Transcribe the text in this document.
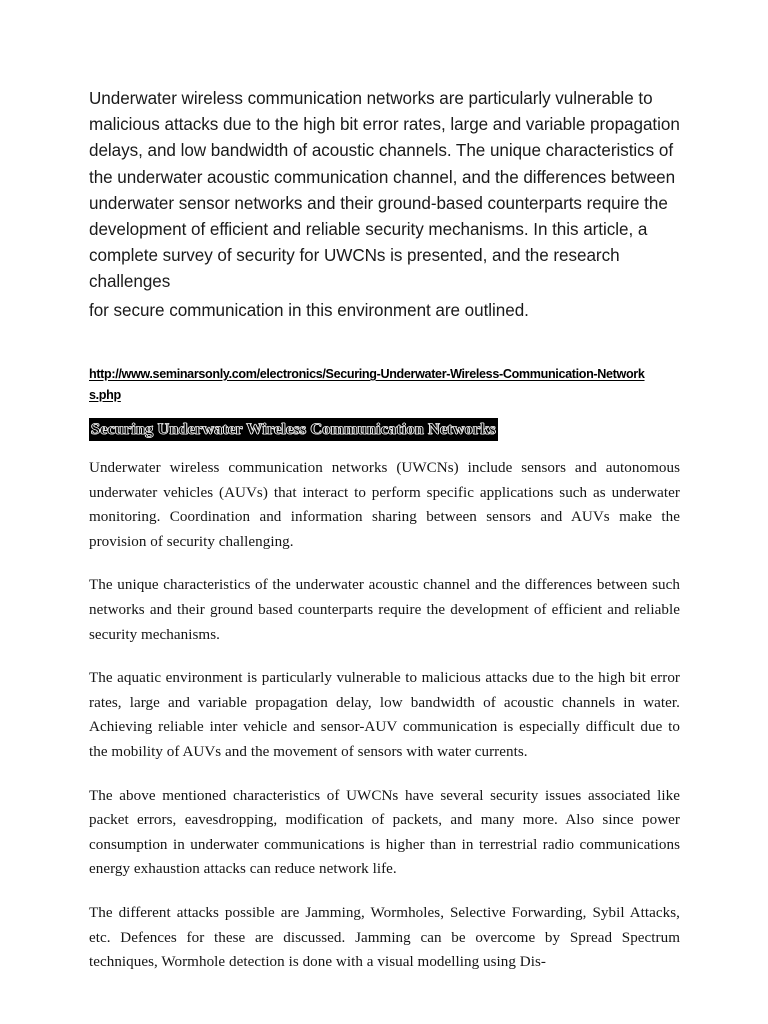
Underwater wireless communication networks are particularly vulnerable to malicious attacks due to the high bit error rates, large and variable propagation delays, and low bandwidth of acoustic channels. The unique characteristics of the underwater acoustic communication channel, and the differences between underwater sensor networks and their ground-based counterparts require the development of efficient and reliable security mechanisms. In this article, a complete survey of security for UWCNs is presented, and the research challenges

for secure communication in this environment are outlined.

http://www.seminarsonly.com/electronics/Securing-Underwater-Wireless-Communication-Networks.php
Securing Underwater Wireless Communication Networks

Underwater wireless communication networks (UWCNs) include sensors and autonomous underwater vehicles (AUVs) that interact to perform specific applications such as underwater monitoring. Coordination and information sharing between sensors and AUVs make the provision of security challenging.

The unique characteristics of the underwater acoustic channel and the differences between such networks and their ground based counterparts require the development of efficient and reliable security mechanisms.

The aquatic environment is particularly vulnerable to malicious attacks due to the high bit error rates, large and variable propagation delay, low bandwidth of acoustic channels in water. Achieving reliable inter vehicle and sensor-AUV communication is especially difficult due to the mobility of AUVs and the movement of sensors with water currents.

The above mentioned characteristics of UWCNs have several security issues associated like packet errors, eavesdropping, modification of packets, and many more. Also since power consumption in underwater communications is higher than in terrestrial radio communications energy exhaustion attacks can reduce network life.

The different attacks possible are Jamming, Wormholes, Selective Forwarding, Sybil Attacks, etc. Defences for these are discussed. Jamming can be overcome by Spread Spectrum techniques, Wormhole detection is done with a visual modelling using Dis-
